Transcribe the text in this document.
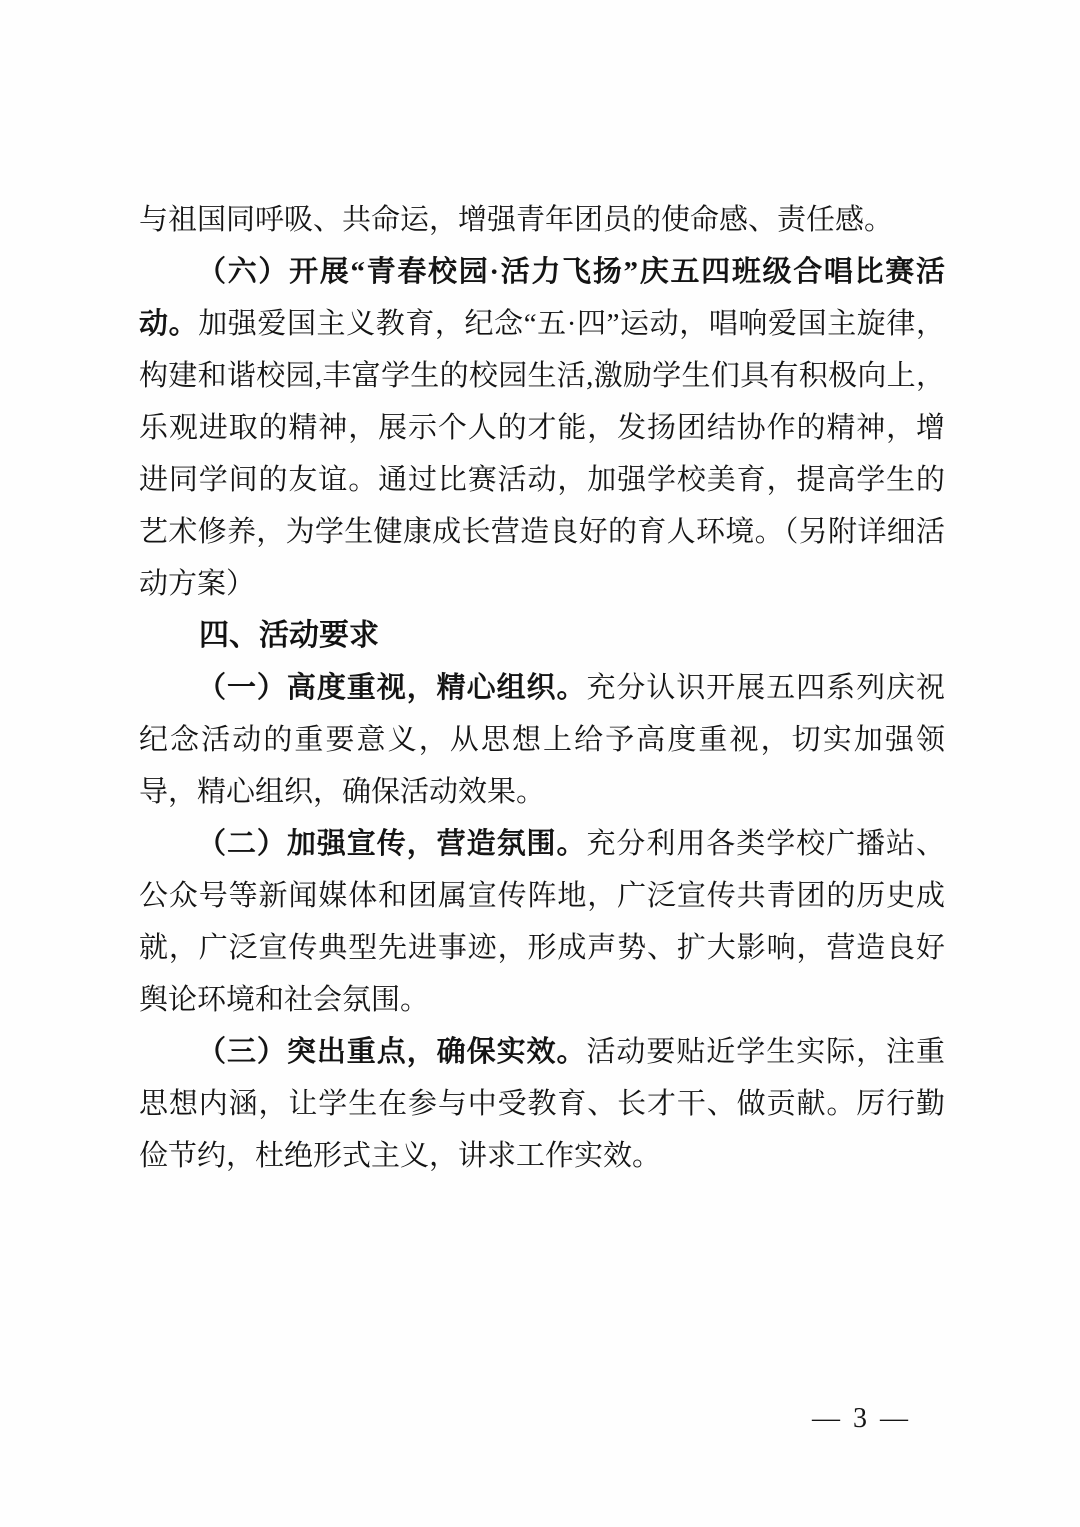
与祖国同呼吸、共命运，增强青年团员的使命感、责任感。

（六）开展“青春校园·活力飞扬”庆五四班级合唱比赛活动。加强爱国主义教育，纪念“五·四”运动，唱响爱国主旋律，构建和谐校园,丰富学生的校园生活,激励学生们具有积极向上，乐观进取的精神，展示个人的才能，发扬团结协作的精神，增进同学间的友谊。通过比赛活动，加强学校美育，提高学生的艺术修养，为学生健康成长营造良好的育人环境。（另附详细活动方案）

四、活动要求

（一）高度重视，精心组织。充分认识开展五四系列庆祝纪念活动的重要意义，从思想上给予高度重视，切实加强领导，精心组织，确保活动效果。

（二）加强宣传，营造氛围。充分利用各类学校广播站、公众号等新闻媒体和团属宣传阵地，广泛宣传共青团的历史成就，广泛宣传典型先进事迹，形成声势、扩大影响，营造良好舆论环境和社会氛围。

（三）突出重点，确保实效。活动要贴近学生实际，注重思想内涵，让学生在参与中受教育、长才干、做贡献。厉行勤俭节约，杜绝形式主义，讲求工作实效。

— 3 —
